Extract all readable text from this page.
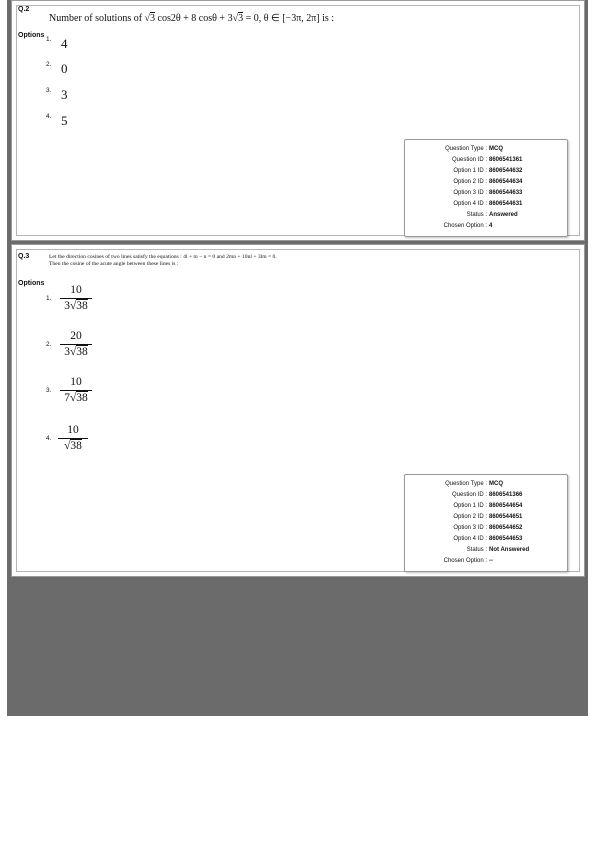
Q.2
Number of solutions of √3 cos2θ + 8 cosθ + 3√3 = 0, θ ∈ [−3π, 2π] is :
Options
1. 4
2. 0
3. 3
4. 5
Question Type : MCQ
Question ID : 8606541361
Option 1 ID : 8606544632
Option 2 ID : 8606544634
Option 3 ID : 8606544633
Option 4 ID : 8606544631
Status : Answered
Chosen Option : 4
Q.3	Let the direction cosines of two lines satisfy the equations : 4l + m − n = 0 and 2mn + 10nl + 3lm = 0.
Then the cosine of the acute angle between these lines is :
Options
1.
10
3√38
2.
20
3√38
3.
10
7√38
4.
10
√38
Question Type : MCQ
Question ID : 8606541366
Option 1 ID : 8606544654
Option 2 ID : 8606544651
Option 3 ID : 8606544652
Option 4 ID : 8606544653
Status : Not Answered
Chosen Option : --
